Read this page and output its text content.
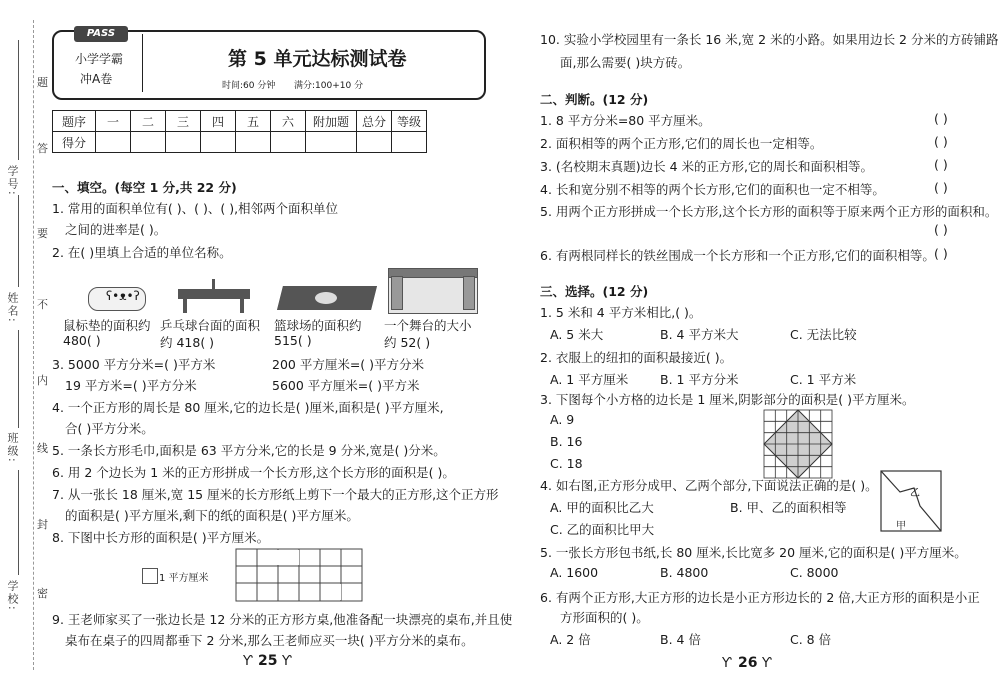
学号:
姓名:
班级:
学校:
题
答
要
不
内
线
封
密
PASS
小学学霸
冲A卷
第 5 单元达标测试卷
时间:60 分钟 满分:100+10 分
题序	一	二	三	四	五	六	附加题	总分	等级
得分									
一、填空。(每空 1 分,共 22 分)
1. 常用的面积单位有( )、( )、( ),相邻两个面积单位
之间的进率是( )。
2. 在( )里填上合适的单位名称。
ʕ•ᴥ•ʔ
鼠标垫的面积约
480( )
乒乓球台面的面积
约 418( )
篮球场的面积约
515( )
一个舞台的大小
约 52( )
3. 5000 平方分米=( )平方米	200 平方厘米=( )平方分米
19 平方米=( )平方分米	5600 平方厘米=( )平方米
4. 一个正方形的周长是 80 厘米,它的边长是( )厘米,面积是( )平方厘米,
合( )平方分米。
5. 一条长方形毛巾,面积是 63 平方分米,它的长是 9 分米,宽是( )分米。
6. 用 2 个边长为 1 米的正方形拼成一个长方形,这个长方形的面积是( )。
7. 从一张长 18 厘米,宽 15 厘米的长方形纸上剪下一个最大的正方形,这个正方形
的面积是( )平方厘米,剩下的纸的面积是( )平方厘米。
8. 下图中长方形的面积是( )平方厘米。
1 平方厘米
9. 王老师家买了一张边长是 12 分米的正方形方桌,他准备配一块漂亮的桌布,并且使
桌布在桌子的四周都垂下 2 分米,那么王老师应买一块( )平方分米的桌布。
Ƴ 25 Ƴ
10. 实验小学校园里有一条长 16 米,宽 2 米的小路。如果用边长 2 分米的方砖铺路
面,那么需要( )块方砖。
二、判断。(12 分)
1. 8 平方分米=80 平方厘米。	( )
2. 面积相等的两个正方形,它们的周长也一定相等。	( )
3. (名校期末真题)边长 4 米的正方形,它的周长和面积相等。	( )
4. 长和宽分别不相等的两个长方形,它们的面积也一定不相等。	( )
5. 用两个正方形拼成一个长方形,这个长方形的面积等于原来两个正方形的面积和。
( )
6. 有两根同样长的铁丝围成一个长方形和一个正方形,它们的面积相等。 ( )
三、选择。(12 分)
1. 5 米和 4 平方米相比,( )。
A. 5 米大	B. 4 平方米大	C. 无法比较
2. 衣服上的纽扣的面积最接近( )。
A. 1 平方厘米	B. 1 平方分米	C. 1 平方米
3. 下图每个小方格的边长是 1 厘米,阴影部分的面积是( )平方厘米。
A. 9
B. 16
C. 18
4. 如右图,正方形分成甲、乙两个部分,下面说法正确的是( )。
A. 甲的面积比乙大	B. 甲、乙的面积相等
C. 乙的面积比甲大
乙
甲
5. 一张长方形包书纸,长 80 厘米,长比宽多 20 厘米,它的面积是( )平方厘米。
A. 1600	B. 4800	C. 8000
6. 有两个正方形,大正方形的边长是小正方形边长的 2 倍,大正方形的面积是小正
方形面积的( )。
A. 2 倍	B. 4 倍	C. 8 倍
Ƴ 26 Ƴ
